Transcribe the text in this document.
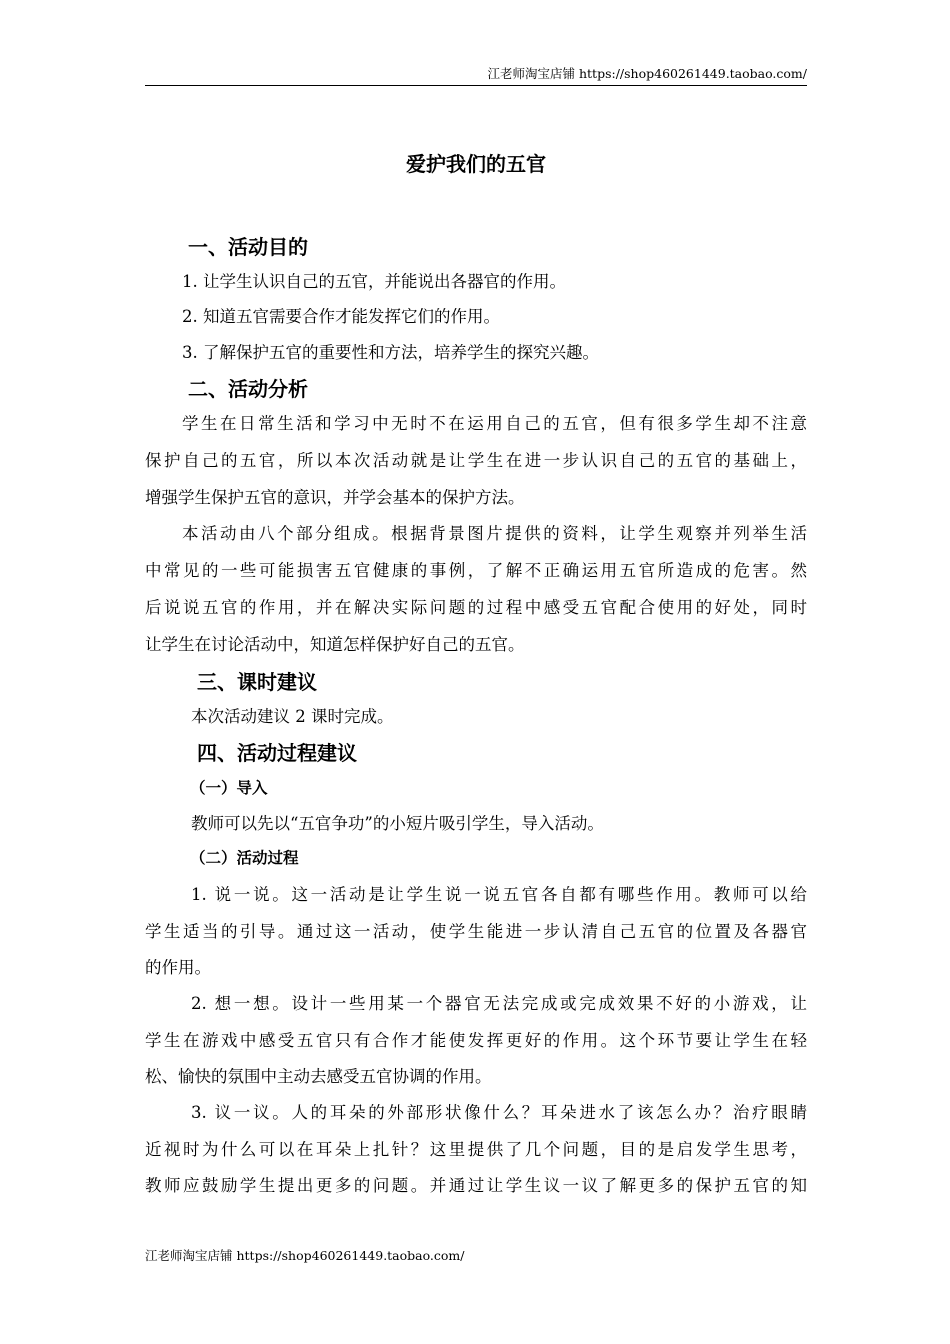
江老师淘宝店铺 https://shop460261449.taobao.com/
爱护我们的五官
一、活动目的
1. 让学生认识自己的五官，并能说出各器官的作用。
2. 知道五官需要合作才能发挥它们的作用。
3. 了解保护五官的重要性和方法，培养学生的探究兴趣。
二、活动分析
学生在日常生活和学习中无时不在运用自己的五官，但有很多学生却不注意
保护自己的五官，所以本次活动就是让学生在进一步认识自己的五官的基础上，
增强学生保护五官的意识，并学会基本的保护方法。
本活动由八个部分组成。根据背景图片提供的资料，让学生观察并列举生活
中常见的一些可能损害五官健康的事例，了解不正确运用五官所造成的危害。然
后说说五官的作用，并在解决实际问题的过程中感受五官配合使用的好处，同时
让学生在讨论活动中，知道怎样保护好自己的五官。
三、课时建议
本次活动建议 2 课时完成。
四、活动过程建议
（一）导入
教师可以先以“五官争功”的小短片吸引学生，导入活动。
（二）活动过程
1. 说一说。这一活动是让学生说一说五官各自都有哪些作用。教师可以给
学生适当的引导。通过这一活动，使学生能进一步认清自己五官的位置及各器官
的作用。
2. 想一想。设计一些用某一个器官无法完成或完成效果不好的小游戏，让
学生在游戏中感受五官只有合作才能使发挥更好的作用。这个环节要让学生在轻
松、愉快的氛围中主动去感受五官协调的作用。
3. 议一议。人的耳朵的外部形状像什么？耳朵进水了该怎么办？治疗眼睛
近视时为什么可以在耳朵上扎针？这里提供了几个问题，目的是启发学生思考，
教师应鼓励学生提出更多的问题。并通过让学生议一议了解更多的保护五官的知
江老师淘宝店铺 https://shop460261449.taobao.com/
